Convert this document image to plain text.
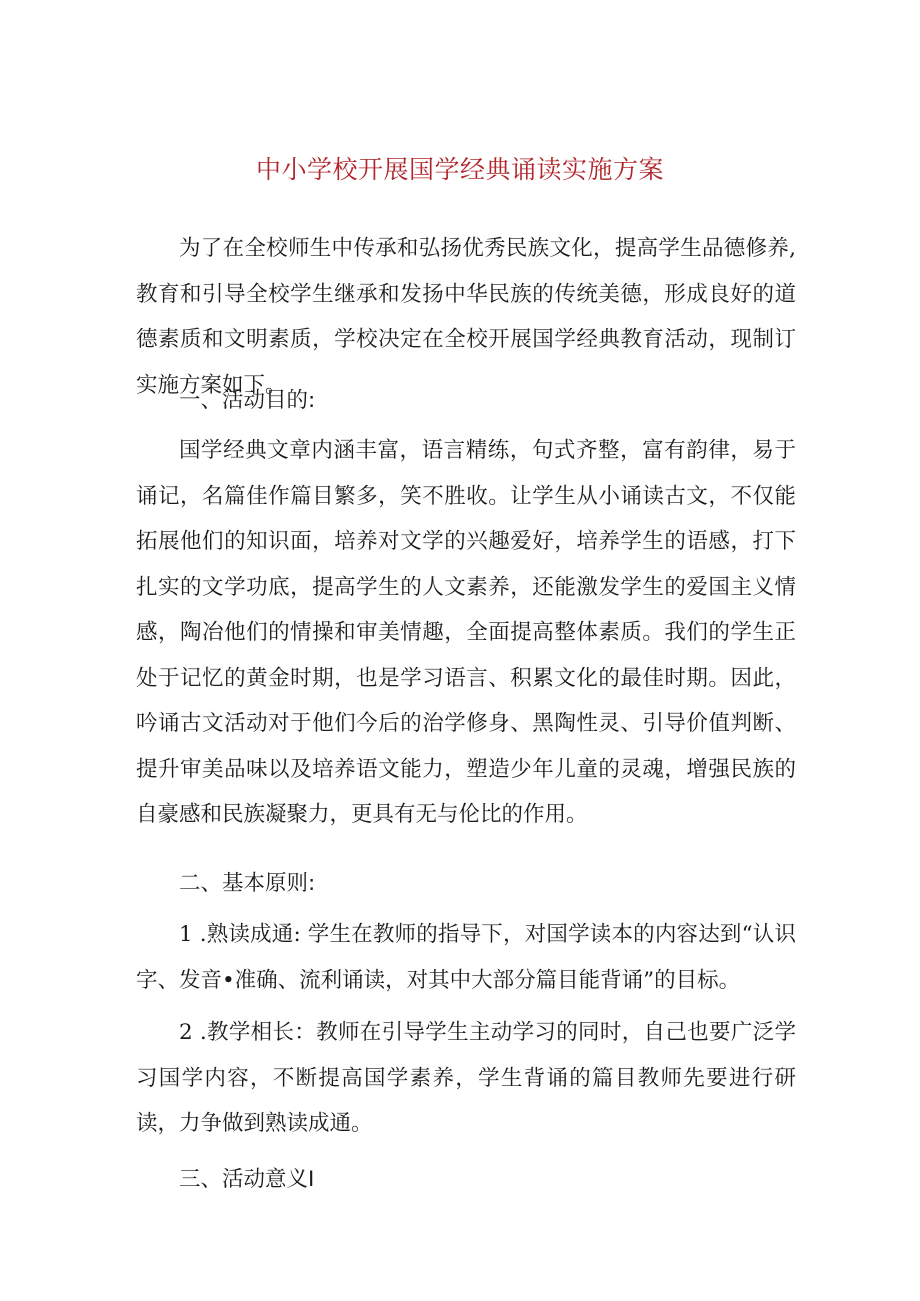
中小学校开展国学经典诵读实施方案

为了在全校师生中传承和弘扬优秀民族文化，提高学生品德修养,教育和引导全校学生继承和发扬中华民族的传统美德，形成良好的道德素质和文明素质，学校决定在全校开展国学经典教育活动，现制订实施方案如下。

一、活动目的:

国学经典文章内涵丰富，语言精练，句式齐整，富有韵律，易于诵记，名篇佳作篇目繁多，笑不胜收。让学生从小诵读古文，不仅能拓展他们的知识面，培养对文学的兴趣爱好，培养学生的语感，打下扎实的文学功底，提高学生的人文素养，还能激发学生的爱国主义情感，陶冶他们的情操和审美情趣，全面提高整体素质。我们的学生正处于记忆的黄金时期，也是学习语言、积累文化的最佳时期。因此，吟诵古文活动对于他们今后的治学修身、黑陶性灵、引导价值判断、提升审美品味以及培养语文能力，塑造少年儿童的灵魂，增强民族的自豪感和民族凝聚力，更具有无与伦比的作用。

二、基本原则:

1 .熟读成通: 学生在教师的指导下，对国学读本的内容达到“认识字、发音•准确、流利诵读，对其中大部分篇目能背诵”的目标。

2 .教学相长：教师在引导学生主动学习的同时，自己也要广泛学习国学内容，不断提高国学素养，学生背诵的篇目教师先要进行研读，力争做到熟读成通。

三、活动意义I
